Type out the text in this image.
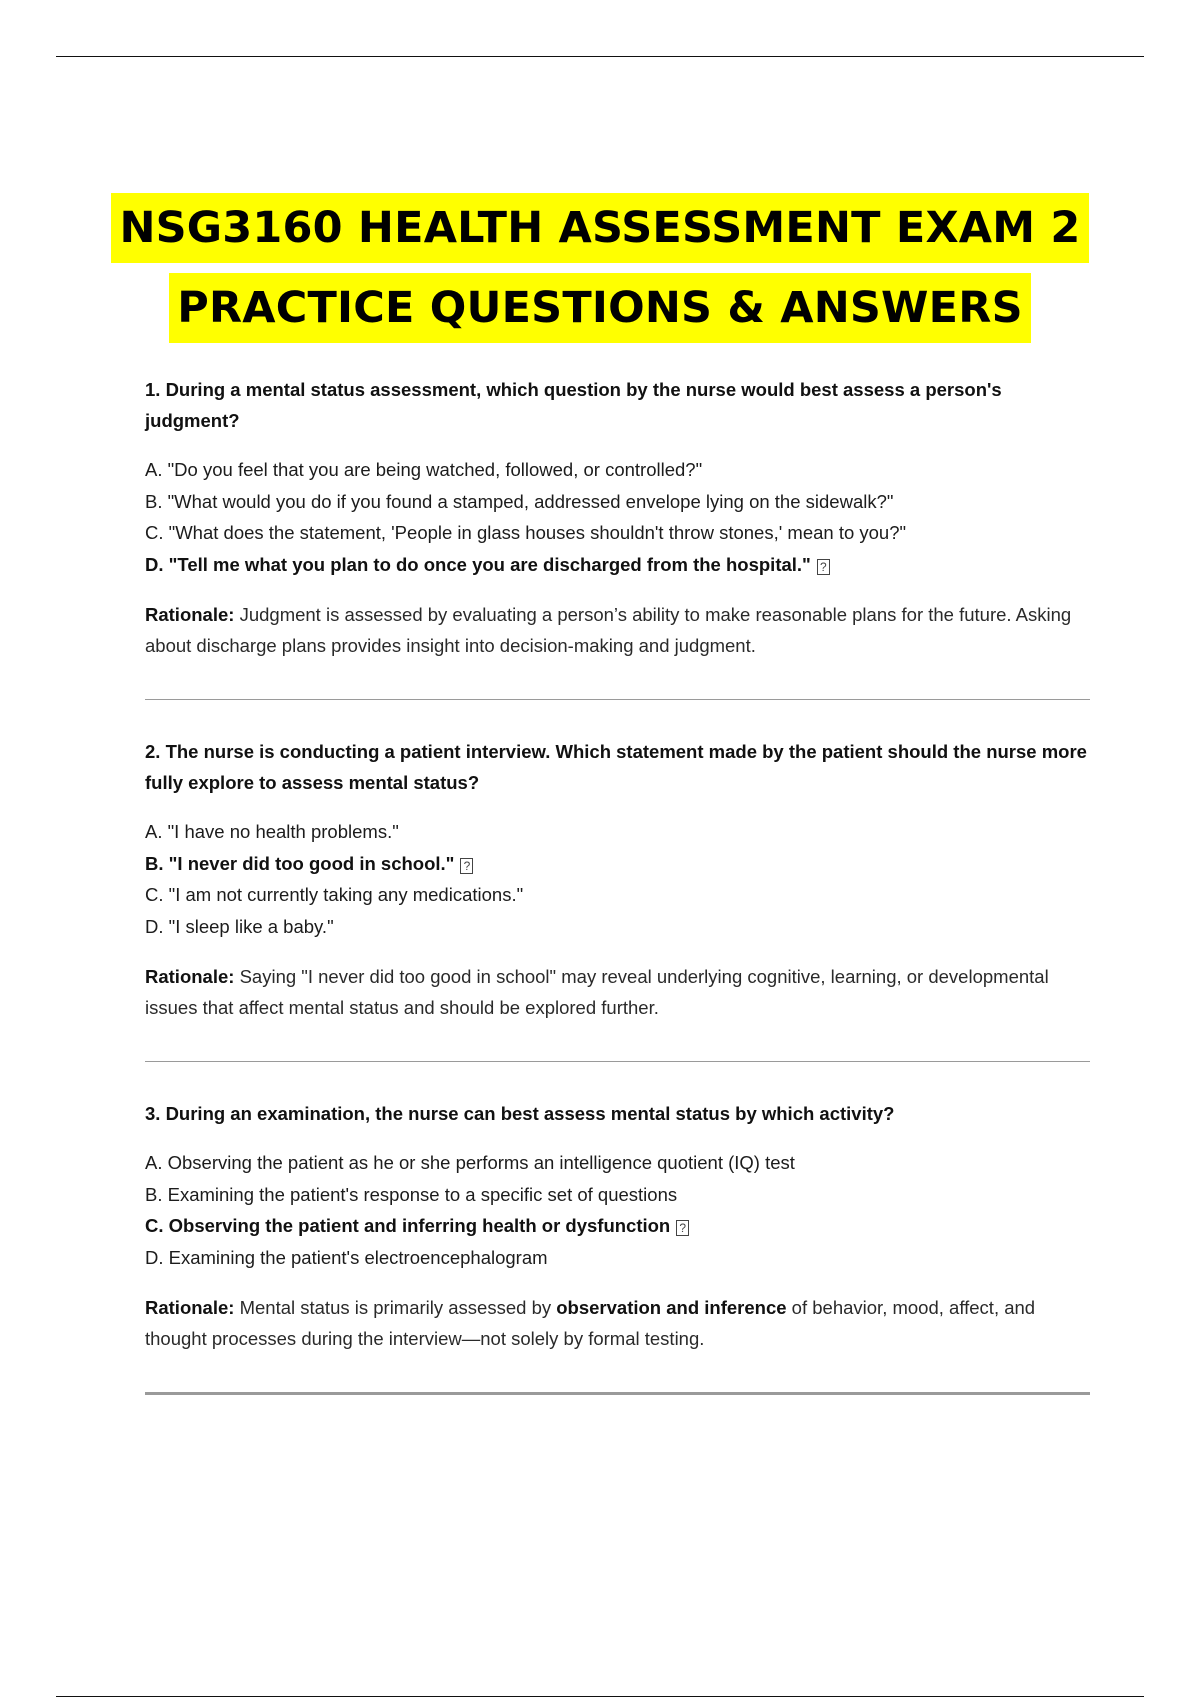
NSG3160 HEALTH ASSESSMENT EXAM 2
PRACTICE QUESTIONS & ANSWERS

1. During a mental status assessment, which question by the nurse would best assess a person's judgment?

A. "Do you feel that you are being watched, followed, or controlled?"
B. "What would you do if you found a stamped, addressed envelope lying on the sidewalk?"
C. "What does the statement, 'People in glass houses shouldn't throw stones,' mean to you?"
D. "Tell me what you plan to do once you are discharged from the hospital." ?

Rationale: Judgment is assessed by evaluating a person’s ability to make reasonable plans for the future. Asking about discharge plans provides insight into decision-making and judgment.

2. The nurse is conducting a patient interview. Which statement made by the patient should the nurse more fully explore to assess mental status?

A. "I have no health problems."
B. "I never did too good in school." ?
C. "I am not currently taking any medications."
D. "I sleep like a baby."

Rationale: Saying "I never did too good in school" may reveal underlying cognitive, learning, or developmental issues that affect mental status and should be explored further.

3. During an examination, the nurse can best assess mental status by which activity?

A. Observing the patient as he or she performs an intelligence quotient (IQ) test
B. Examining the patient's response to a specific set of questions
C. Observing the patient and inferring health or dysfunction ?
D. Examining the patient's electroencephalogram

Rationale: Mental status is primarily assessed by observation and inference of behavior, mood, affect, and thought processes during the interview—not solely by formal testing.
